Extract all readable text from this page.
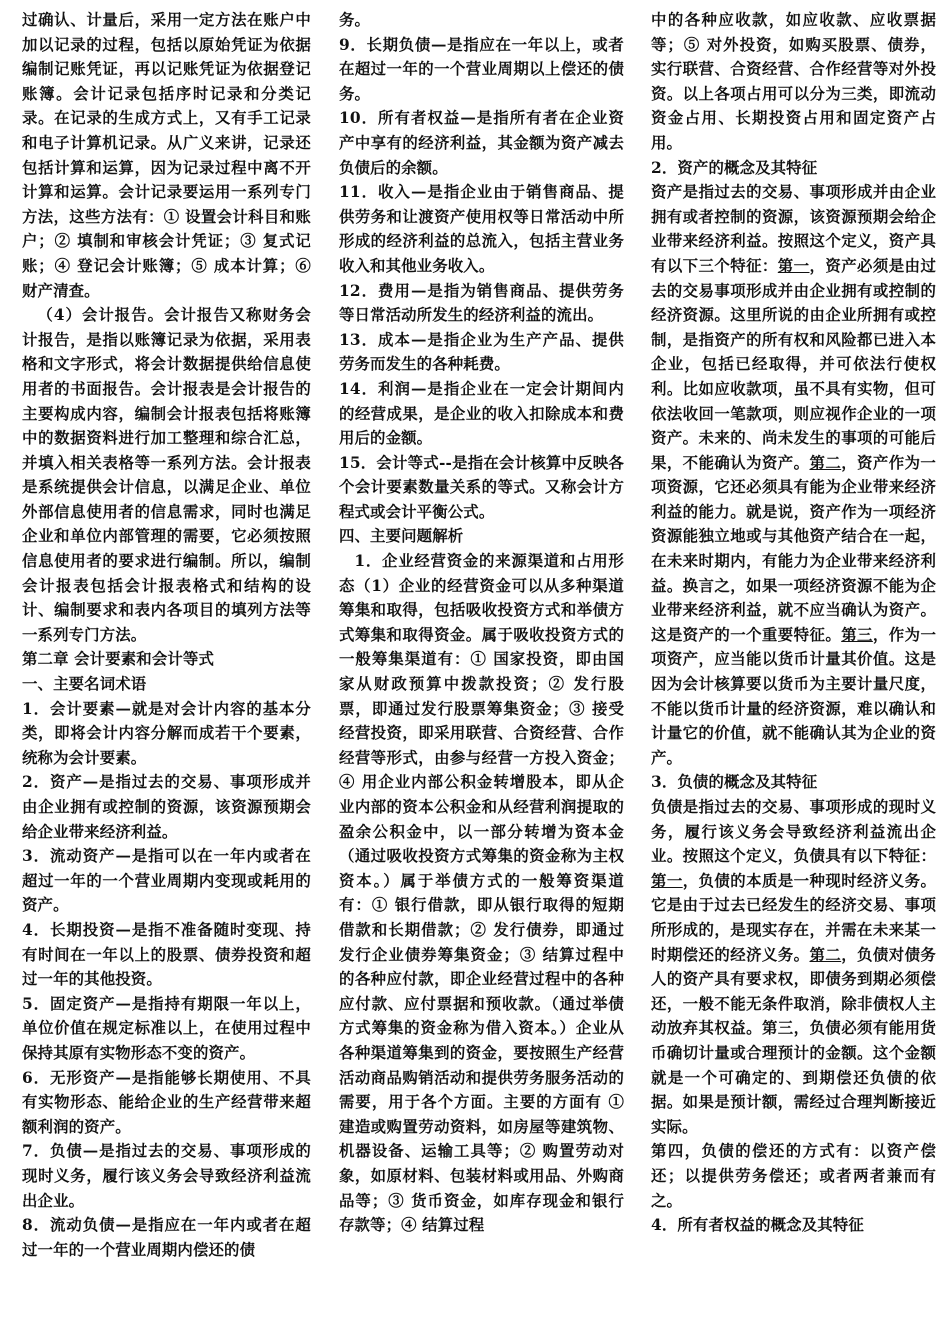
过确认、计量后，采用一定方法在账户中加以记录的过程，包括以原始凭证为依据编制记账凭证，再以记账凭证为依据登记账簿。会计记录包括序时记录和分类记录。在记录的生成方式上，又有手工记录和电子计算机记录。从广义来讲，记录还包括计算和运算，因为记录过程中离不开计算和运算。会计记录要运用一系列专门方法，这些方法有：① 设置会计科目和账户；② 填制和审核会计凭证；③ 复式记账；④ 登记会计账簿；⑤ 成本计算；⑥ 财产清查。

（4）会计报告。会计报告又称财务会计报告，是指以账簿记录为依据，采用表格和文字形式，将会计数据提供给信息使用者的书面报告。会计报表是会计报告的主要构成内容，编制会计报表包括将账簿中的数据资料进行加工整理和综合汇总，并填入相关表格等一系列方法。会计报表是系统提供会计信息，以满足企业、单位外部信息使用者的信息需求，同时也满足企业和单位内部管理的需要，它必须按照信息使用者的要求进行编制。所以，编制会计报表包括会计报表格式和结构的设计、编制要求和表内各项目的填列方法等一系列专门方法。

第二章 会计要素和会计等式

一、主要名词术语

1．会计要素—就是对会计内容的基本分类，即将会计内容分解而成若干个要素，统称为会计要素。

2．资产—是指过去的交易、事项形成并由企业拥有或控制的资源，该资源预期会给企业带来经济利益。

3．流动资产—是指可以在一年内或者在超过一年的一个营业周期内变现或耗用的资产。

4．长期投资—是指不准备随时变现、持有时间在一年以上的股票、债券投资和超过一年的其他投资。

5．固定资产—是指持有期限一年以上，单位价值在规定标准以上，在使用过程中保持其原有实物形态不变的资产。

6．无形资产—是指能够长期使用、不具有实物形态、能给企业的生产经营带来超额利润的资产。

7．负债—是指过去的交易、事项形成的现时义务，履行该义务会导致经济利益流出企业。

8．流动负债—是指应在一年内或者在超过一年的一个营业周期内偿还的债

务。

9．长期负债—是指应在一年以上，或者在超过一年的一个营业周期以上偿还的债务。

10．所有者权益—是指所有者在企业资产中享有的经济利益，其金额为资产减去负债后的余额。

11．收入—是指企业由于销售商品、提供劳务和让渡资产使用权等日常活动中所形成的经济利益的总流入，包括主营业务收入和其他业务收入。

12．费用—是指为销售商品、提供劳务等日常活动所发生的经济利益的流出。

13．成本—是指企业为生产产品、提供劳务而发生的各种耗费。

14．利润—是指企业在一定会计期间内的经营成果，是企业的收入扣除成本和费用后的金额。

15．会计等式--是指在会计核算中反映各个会计要素数量关系的等式。又称会计方程式或会计平衡公式。

四、主要问题解析

1．企业经营资金的来源渠道和占用形态（1）企业的经营资金可以从多种渠道筹集和取得，包括吸收投资方式和举债方式筹集和取得资金。属于吸收投资方式的一般筹集渠道有：① 国家投资，即由国家从财政预算中拨款投资；② 发行股票，即通过发行股票筹集资金；③ 接受经营投资，即采用联营、合资经营、合作经营等形式，由参与经营一方投入资金；④ 用企业内部公积金转增股本，即从企业内部的资本公积金和从经营利润提取的盈余公积金中，以一部分转增为资本金（通过吸收投资方式筹集的资金称为主权资本。）属于举债方式的一般筹资渠道有：① 银行借款，即从银行取得的短期借款和长期借款；② 发行债券，即通过发行企业债券筹集资金；③ 结算过程中的各种应付款，即企业经营过程中的各种应付款、应付票据和预收款。（通过举债方式筹集的资金称为借入资本。）企业从各种渠道筹集到的资金，要按照生产经营活动商品购销活动和提供劳务服务活动的需要，用于各个方面。主要的方面有 ① 建造或购置劳动资料，如房屋等建筑物、机器设备、运输工具等；② 购置劳动对象，如原材料、包装材料或用品、外购商品等；③ 货币资金，如库存现金和银行存款等；④ 结算过程

中的各种应收款，如应收款、应收票据等；⑤ 对外投资，如购买股票、债券，实行联营、合资经营、合作经营等对外投资。以上各项占用可以分为三类，即流动资金占用、长期投资占用和固定资产占用。

2．资产的概念及其特征

资产是指过去的交易、事项形成并由企业拥有或者控制的资源，该资源预期会给企业带来经济利益。按照这个定义，资产具有以下三个特征：第一，资产必须是由过去的交易事项形成并由企业拥有或控制的经济资源。这里所说的由企业所拥有或控制，是指资产的所有权和风险都已进入本企业，包括已经取得，并可依法行使权利。比如应收款项，虽不具有实物，但可依法收回一笔款项，则应视作企业的一项资产。未来的、尚未发生的事项的可能后果，不能确认为资产。第二，资产作为一项资源，它还必须具有能为企业带来经济利益的能力。就是说，资产作为一项经济资源能独立地或与其他资产结合在一起，在未来时期内，有能力为企业带来经济利益。换言之，如果一项经济资源不能为企业带来经济利益，就不应当确认为资产。这是资产的一个重要特征。第三，作为一项资产，应当能以货币计量其价值。这是因为会计核算要以货币为主要计量尺度，不能以货币计量的经济资源，难以确认和计量它的价值，就不能确认其为企业的资产。

3．负债的概念及其特征

负债是指过去的交易、事项形成的现时义务，履行该义务会导致经济利益流出企业。按照这个定义，负债具有以下特征：第一，负债的本质是一种现时经济义务。它是由于过去已经发生的经济交易、事项所形成的，是现实存在，并需在未来某一时期偿还的经济义务。第二，负债对债务人的资产具有要求权，即债务到期必须偿还，一般不能无条件取消，除非债权人主动放弃其权益。第三，负债必须有能用货币确切计量或合理预计的金额。这个金额就是一个可确定的、到期偿还负债的依据。如果是预计额，需经过合理判断接近实际。

第四，负债的偿还的方式有：以资产偿还；以提供劳务偿还；或者两者兼而有之。

4．所有者权益的概念及其特征
